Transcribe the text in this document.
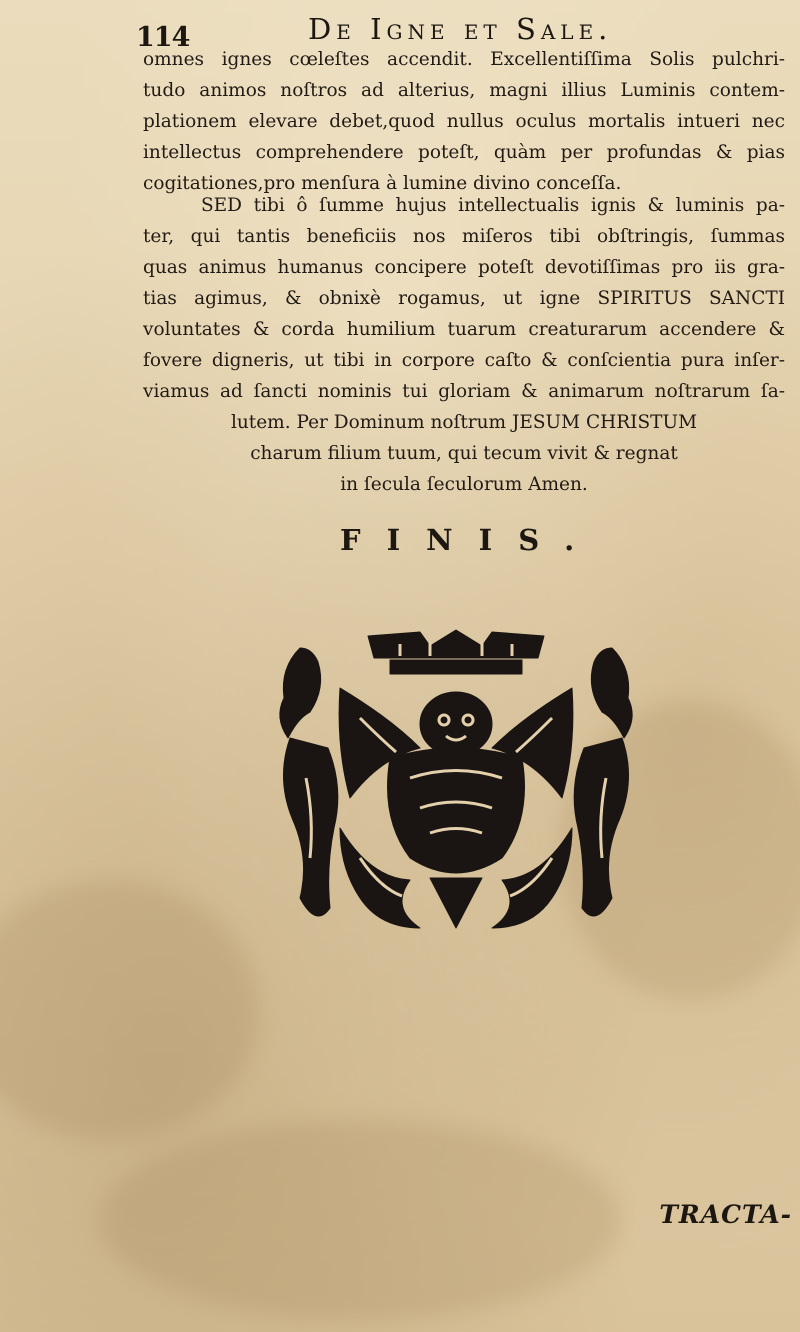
114	De Igne et Sale.
omnes ignes cœleſtes accendit. Excellentiſſima Solis pulchri-
tudo animos noſtros ad alterius, magni illius Luminis contem-
plationem elevare debet,quod nullus oculus mortalis intueri nec
intellectus comprehendere poteſt, quàm per profundas & pias
cogitationes,pro menſura à lumine divino conceſſa.
SED tibi ô ſumme hujus intellectualis ignis & luminis pa-
ter, qui tantis beneficiis nos miſeros tibi obſtringis, ſummas
quas animus humanus concipere poteſt devotiſſimas pro iis gra-
tias agimus, & obnixè rogamus, ut igne SPIRITUS SANCTI
voluntates & corda humilium tuarum creaturarum accendere &
fovere digneris, ut tibi in corpore caſto & conſcientia pura inſer-
viamus ad ſancti nominis tui gloriam & animarum noſtrarum ſa-
lutem. Per Dominum noſtrum JESUM CHRISTUM
charum filium tuum, qui tecum vivit & regnat
in ſecula ſeculorum Amen.
FINIS.
TRACTA-
